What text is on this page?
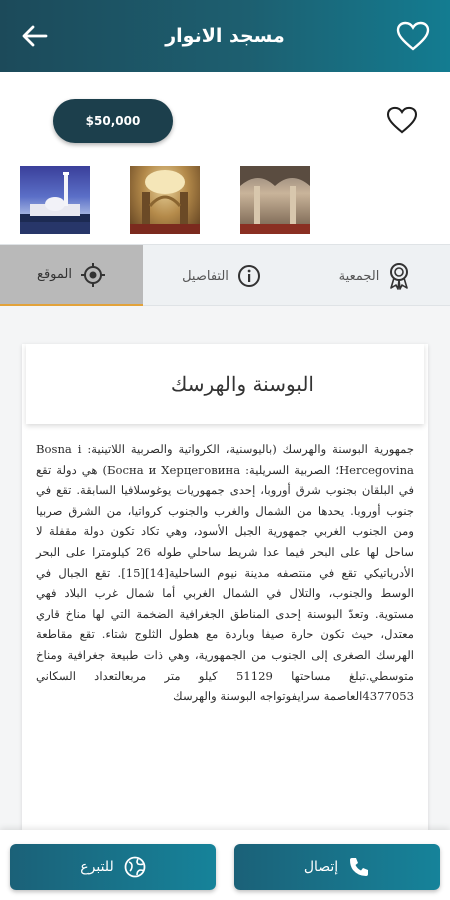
مسجد الانوار
$50,000
الموقع	التفاصيل	الجمعية
البوسنة والهرسك
جمهورية البوسنة والهرسك (باليوسنية، الكرواتية والصربية اللاتينية: Bosna i Hercegovina؛ الصربية السريلية: Босна и Херцеговина) هي دولة تقع في البلقان بجنوب شرق أوروبا، إحدى جمهوريات يوغوسلافيا السابقة. تقع في جنوب أوروبا. يحدها من الشمال والغرب والجنوب كرواتيا، من الشرق صربيا ومن الجنوب الغربي جمهورية الجبل الأسود، وهي تكاد تكون دولة مقفلة لا ساحل لها على البحر فيما عدا شريط ساحلي طوله 26 كيلومترا على البحر الأدرياتيكي تقع في منتصفه مدينة نيوم الساحلية[14][15]. تقع الجبال في الوسط والجنوب، والتلال في الشمال الغربي أما شمال غرب البلاد فهي مستوية. وتعدّ البوسنة إحدى المناطق الجغرافية الضخمة التي لها مناخ قاري معتدل، حيث تكون حارة صيفا وباردة مع هطول الثلوج شتاء. تقع مقاطعة الهرسك الصغرى إلى الجنوب من الجمهورية، وهي ذات طبيعة جغرافية ومناخ متوسطي.تبلغ مساحتها 51129 كيلو متر مربعالتعداد السكاني 4377053العاصمة سرايفوتواجه البوسنة والهرسك
للتبرع	إتصال
